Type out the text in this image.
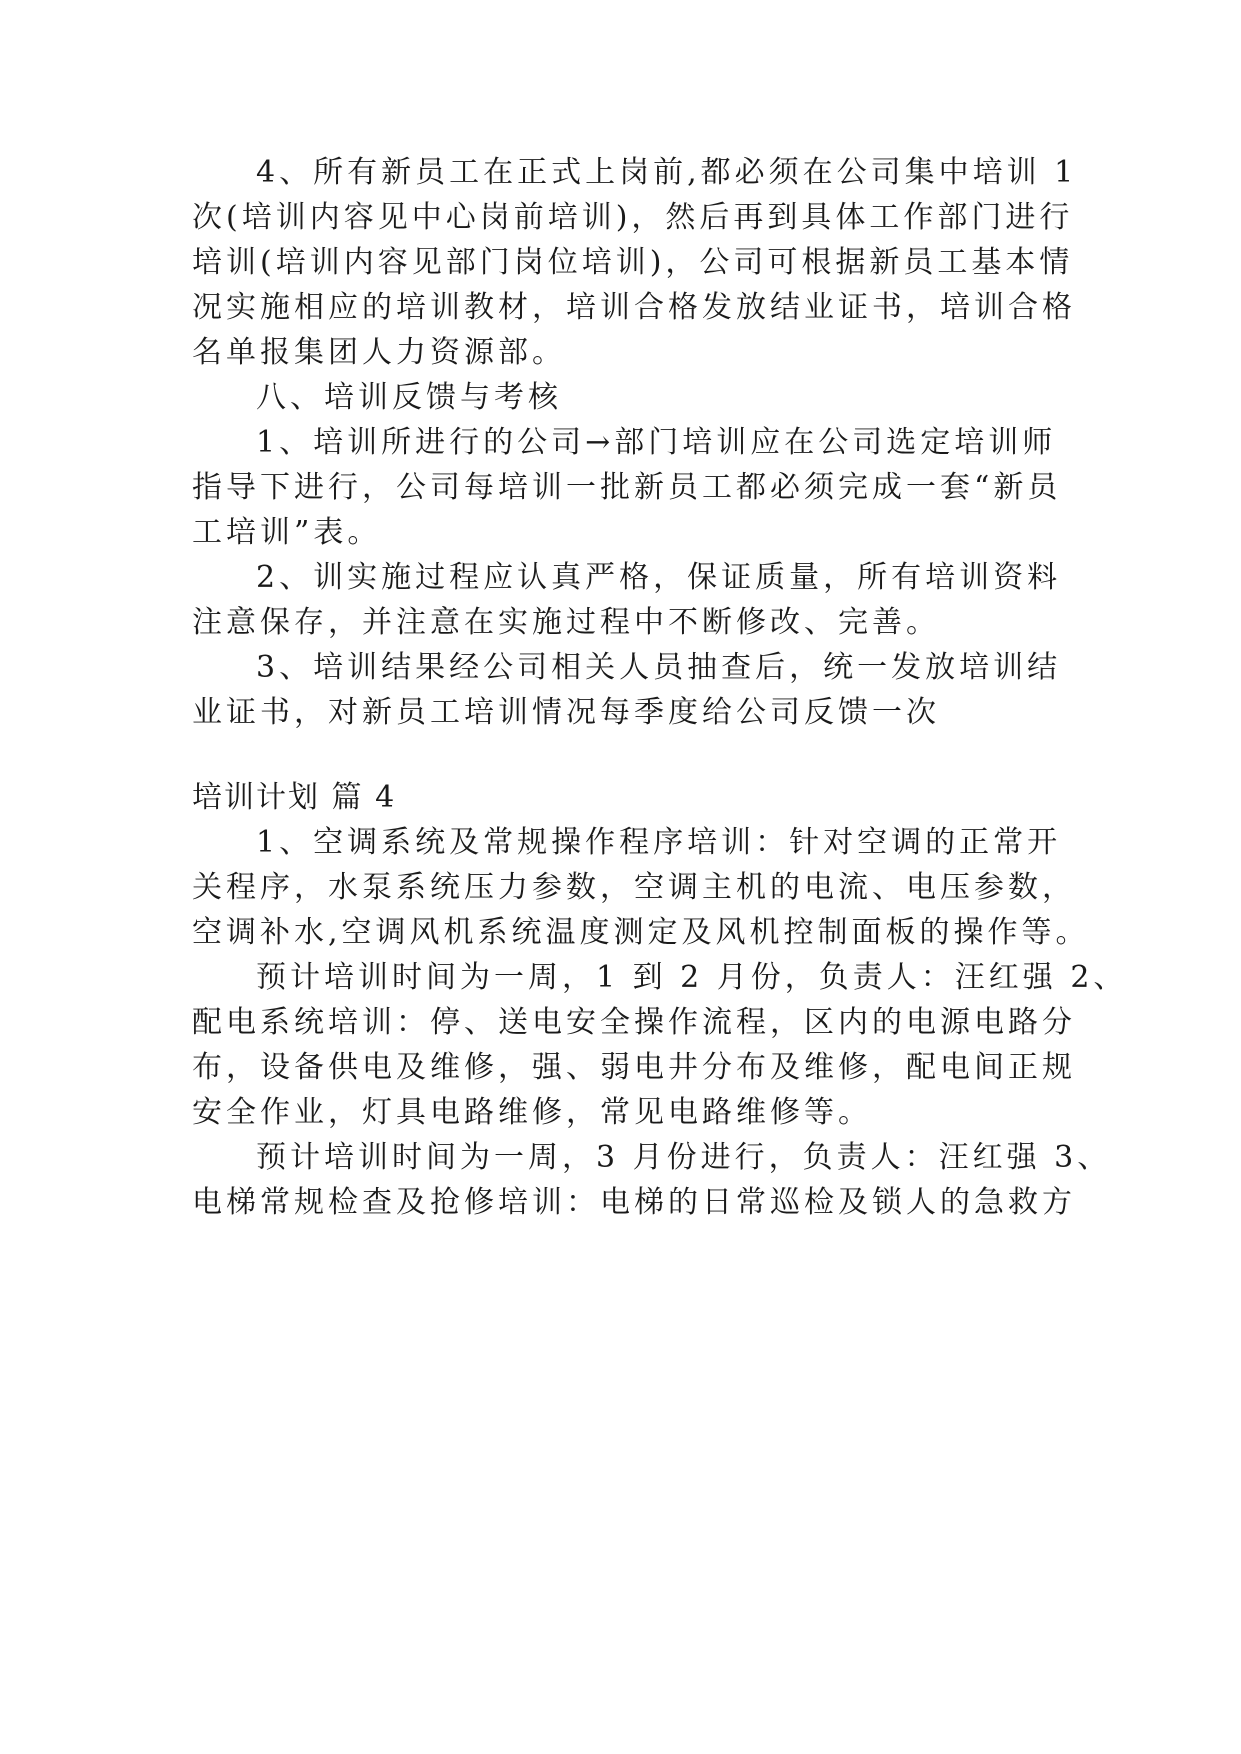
4、所有新员工在正式上岗前,都必须在公司集中培训 1
次(培训内容见中心岗前培训)，然后再到具体工作部门进行
培训(培训内容见部门岗位培训)，公司可根据新员工基本情
况实施相应的培训教材，培训合格发放结业证书，培训合格
名单报集团人力资源部。
八、培训反馈与考核
1、培训所进行的公司→部门培训应在公司选定培训师
指导下进行，公司每培训一批新员工都必须完成一套“新员
工培训”表。
2、训实施过程应认真严格，保证质量，所有培训资料
注意保存，并注意在实施过程中不断修改、完善。
3、培训结果经公司相关人员抽查后，统一发放培训结
业证书，对新员工培训情况每季度给公司反馈一次
培训计划 篇 4
1、空调系统及常规操作程序培训：针对空调的正常开
关程序，水泵系统压力参数，空调主机的电流、电压参数，
空调补水,空调风机系统温度测定及风机控制面板的操作等。
预计培训时间为一周，1 到 2 月份，负责人：汪红强 2、
配电系统培训：停、送电安全操作流程，区内的电源电路分
布，设备供电及维修，强、弱电井分布及维修，配电间正规
安全作业，灯具电路维修，常见电路维修等。
预计培训时间为一周，3 月份进行，负责人：汪红强 3、
电梯常规检查及抢修培训：电梯的日常巡检及锁人的急救方
